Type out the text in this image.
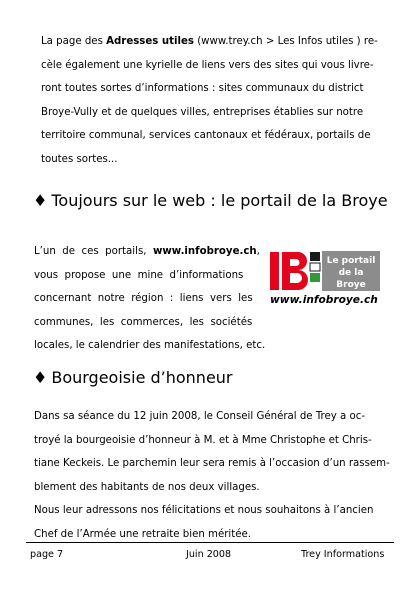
La page des Adresses utiles (www.trey.ch > Les Infos utiles ) re-
cèle également une kyrielle de liens vers des sites qui vous livre-
ront toutes sortes d’informations : sites communaux du district
Broye-Vully et de quelques villes, entreprises établies sur notre
territoire communal, services cantonaux et fédéraux, portails de
toutes sortes...
♦ Toujours sur le web : le portail de la Broye
L’un  de  ces  portails,  www.infobroye.ch,
vous  propose  une  mine  d’informations
concernant  notre  région  :  liens  vers  les
communes,  les  commerces,  les  sociétés
locales, le calendrier des manifestations, etc.
Le portail
de la
Broye
www.infobroye.ch
♦ Bourgeoisie d’honneur
Dans sa séance du 12 juin 2008, le Conseil Général de Trey a oc-
troyé la bourgeoisie d’honneur à M. et à Mme Christophe et Chris-
tiane Keckeis. Le parchemin leur sera remis à l’occasion d’un rassem-
blement des habitants de nos deux villages.
Nous leur adressons nos félicitations et nous souhaitons à l’ancien
Chef de l’Armée une retraite bien méritée.
page 7	Juin 2008	Trey Informations
